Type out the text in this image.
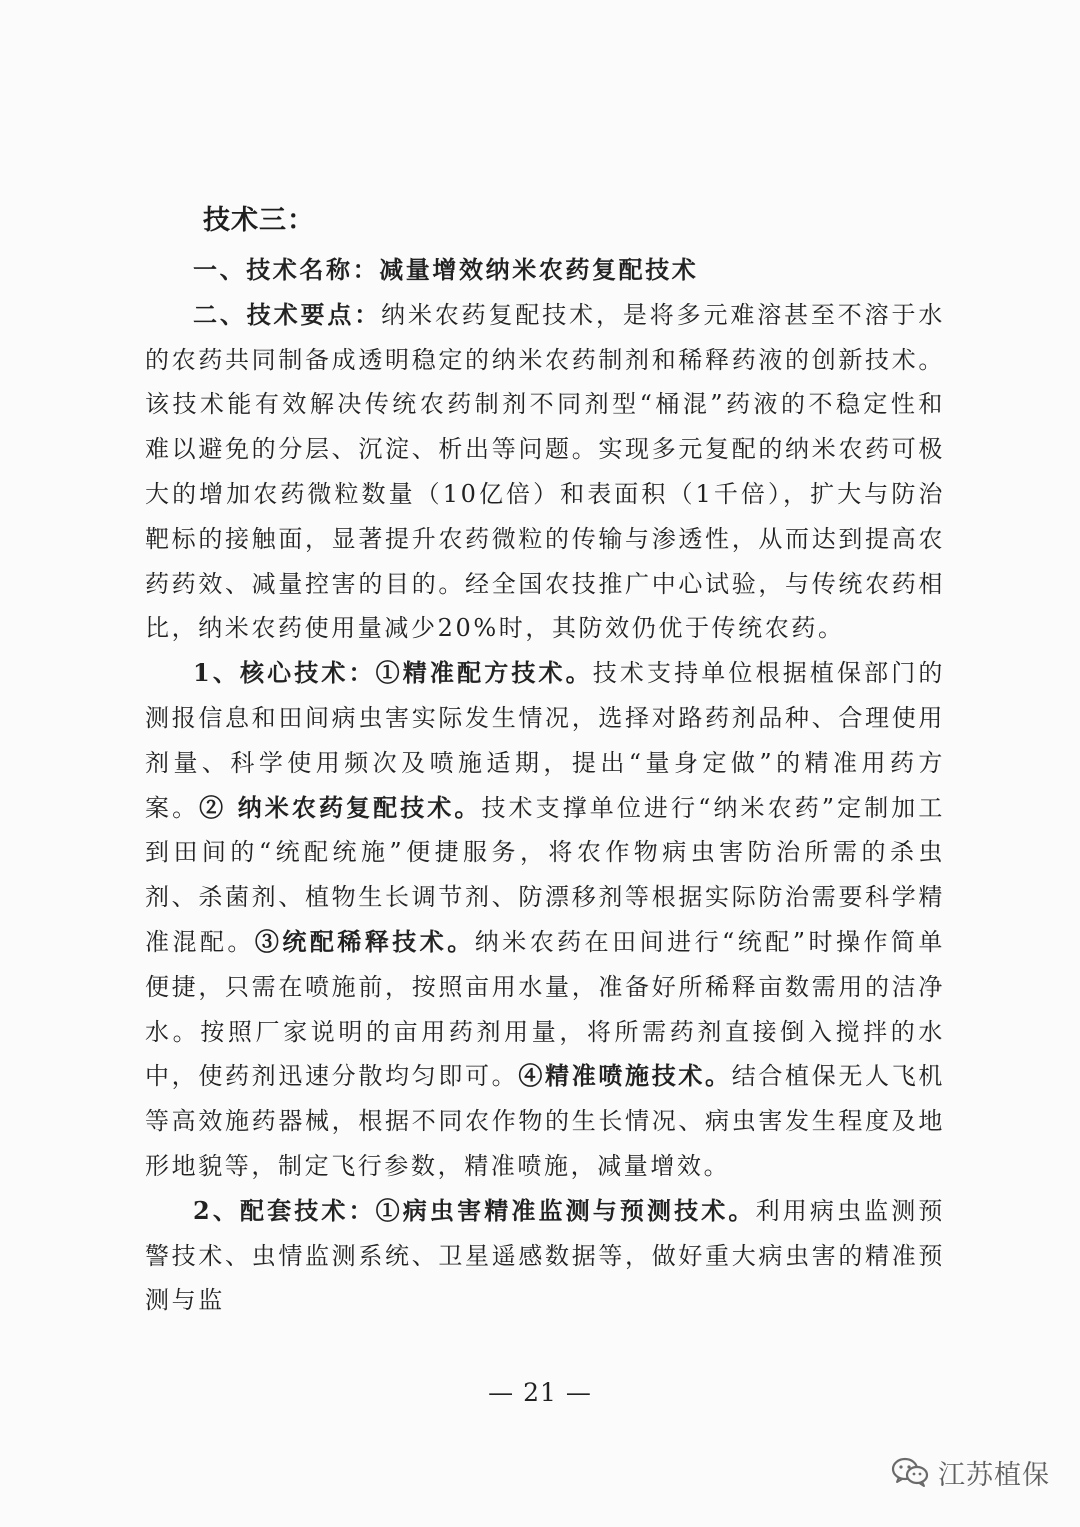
技术三：

一、技术名称：减量增效纳米农药复配技术

二、技术要点：纳米农药复配技术，是将多元难溶甚至不溶于水的农药共同制备成透明稳定的纳米农药制剂和稀释药液的创新技术。该技术能有效解决传统农药制剂不同剂型“桶混”药液的不稳定性和难以避免的分层、沉淀、析出等问题。实现多元复配的纳米农药可极大的增加农药微粒数量（10亿倍）和表面积（1千倍），扩大与防治靶标的接触面，显著提升农药微粒的传输与渗透性，从而达到提高农药药效、减量控害的目的。经全国农技推广中心试验，与传统农药相比，纳米农药使用量减少20%时，其防效仍优于传统农药。

1、核心技术：①精准配方技术。技术支持单位根据植保部门的测报信息和田间病虫害实际发生情况，选择对路药剂品种、合理使用剂量、科学使用频次及喷施适期，提出“量身定做”的精准用药方案。② 纳米农药复配技术。技术支撑单位进行“纳米农药”定制加工到田间的“统配统施”便捷服务，将农作物病虫害防治所需的杀虫剂、杀菌剂、植物生长调节剂、防漂移剂等根据实际防治需要科学精准混配。③统配稀释技术。纳米农药在田间进行“统配”时操作简单便捷，只需在喷施前，按照亩用水量，准备好所稀释亩数需用的洁净水。按照厂家说明的亩用药剂用量，将所需药剂直接倒入搅拌的水中，使药剂迅速分散均匀即可。④精准喷施技术。结合植保无人飞机等高效施药器械，根据不同农作物的生长情况、病虫害发生程度及地形地貌等，制定飞行参数，精准喷施，减量增效。

2、配套技术：①病虫害精准监测与预测技术。利用病虫监测预警技术、虫情监测系统、卫星遥感数据等，做好重大病虫害的精准预测与监

— 21 —
江苏植保
